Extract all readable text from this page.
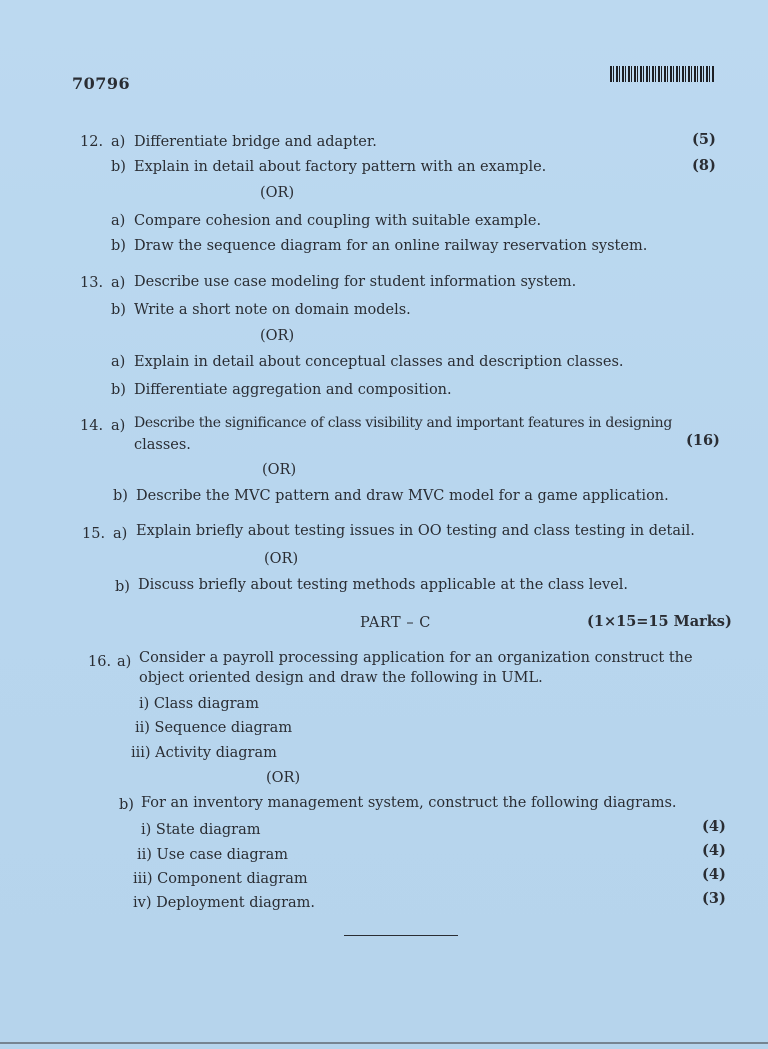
70796
12. a) Differentiate bridge and adapter.	(5)
b) Explain in detail about factory pattern with an example.	(8)
(OR)
a) Compare cohesion and coupling with suitable example.
b) Draw the sequence diagram for an online railway reservation system.
13. a) Describe use case modeling for student information system.
b) Write a short note on domain models.
(OR)
a) Explain in detail about conceptual classes and description classes.
b) Differentiate aggregation and composition.
14. a) Describe the significance of class visibility and important features in designing
classes.	(16)
(OR)
b) Describe the MVC pattern and draw MVC model for a game application.
15. a) Explain briefly about testing issues in OO testing and class testing in detail.
(OR)
b) Discuss briefly about testing methods applicable at the class level.
PART – C	(1×15=15 Marks)
16. a) Consider a payroll processing application for an organization construct the
object oriented design and draw the following in UML.
i) Class diagram
ii) Sequence diagram
iii) Activity diagram
(OR)
b) For an inventory management system, construct the following diagrams.
i) State diagram	(4)
ii) Use case diagram	(4)
iii) Component diagram	(4)
iv) Deployment diagram.	(3)
